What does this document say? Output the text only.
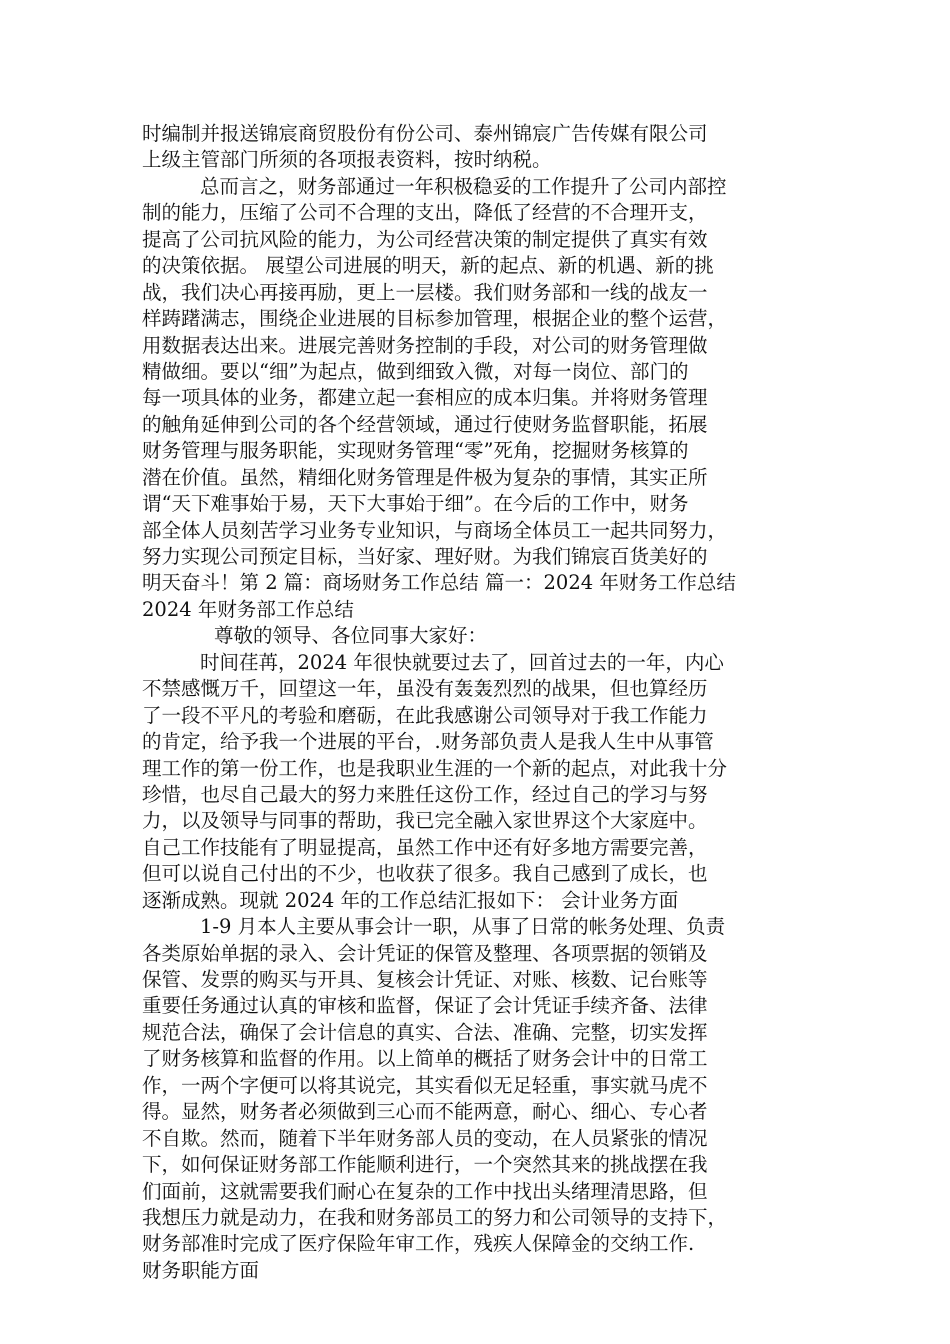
时编制并报送锦宸商贸股份有份公司、泰州锦宸广告传媒有限公司
上级主管部门所须的各项报表资料，按时纳税。
总而言之，财务部通过一年积极稳妥的工作提升了公司内部控
制的能力，压缩了公司不合理的支出，降低了经营的不合理开支，
提高了公司抗风险的能力，为公司经营决策的制定提供了真实有效
的决策依据。 展望公司进展的明天，新的起点、新的机遇、新的挑
战，我们决心再接再励，更上一层楼。我们财务部和一线的战友一
样踌躇满志，围绕企业进展的目标参加管理，根据企业的整个运营，
用数据表达出来。进展完善财务控制的手段，对公司的财务管理做
精做细。要以“细”为起点，做到细致入微，对每一岗位、部门的
每一项具体的业务，都建立起一套相应的成本归集。并将财务管理
的触角延伸到公司的各个经营领域，通过行使财务监督职能，拓展
财务管理与服务职能，实现财务管理“零”死角，挖掘财务核算的
潜在价值。虽然，精细化财务管理是件极为复杂的事情，其实正所
谓“天下难事始于易，天下大事始于细”。在今后的工作中，财务
部全体人员刻苦学习业务专业知识，与商场全体员工一起共同努力，
努力实现公司预定目标，当好家、理好财。为我们锦宸百货美好的
明天奋斗！第 2 篇：商场财务工作总结 篇一：2024 年财务工作总结
2024 年财务部工作总结
尊敬的领导、各位同事大家好：
时间荏苒，2024 年很快就要过去了，回首过去的一年，内心
不禁感慨万千，回望这一年，虽没有轰轰烈烈的战果，但也算经历
了一段不平凡的考验和磨砺，在此我感谢公司领导对于我工作能力
的肯定，给予我一个进展的平台，.财务部负责人是我人生中从事管
理工作的第一份工作，也是我职业生涯的一个新的起点，对此我十分
珍惜，也尽自己最大的努力来胜任这份工作，经过自己的学习与努
力，以及领导与同事的帮助，我已完全融入家世界这个大家庭中。
自己工作技能有了明显提高，虽然工作中还有好多地方需要完善，
但可以说自己付出的不少，也收获了很多。我自己感到了成长，也
逐渐成熟。现就 2024 年的工作总结汇报如下： 会计业务方面
1-9 月本人主要从事会计一职，从事了日常的帐务处理、负责
各类原始单据的录入、会计凭证的保管及整理、各项票据的领销及
保管、发票的购买与开具、复核会计凭证、对账、核数、记台账等
重要任务通过认真的审核和监督，保证了会计凭证手续齐备、法律
规范合法，确保了会计信息的真实、合法、准确、完整，切实发挥
了财务核算和监督的作用。以上简单的概括了财务会计中的日常工
作，一两个字便可以将其说完，其实看似无足轻重，事实就马虎不
得。显然，财务者必须做到三心而不能两意，耐心、细心、专心者
不自欺。然而，随着下半年财务部人员的变动，在人员紧张的情况
下，如何保证财务部工作能顺利进行，一个突然其来的挑战摆在我
们面前，这就需要我们耐心在复杂的工作中找出头绪理清思路，但
我想压力就是动力，在我和财务部员工的努力和公司领导的支持下，
财务部准时完成了医疗保险年审工作，残疾人保障金的交纳工作.
财务职能方面
